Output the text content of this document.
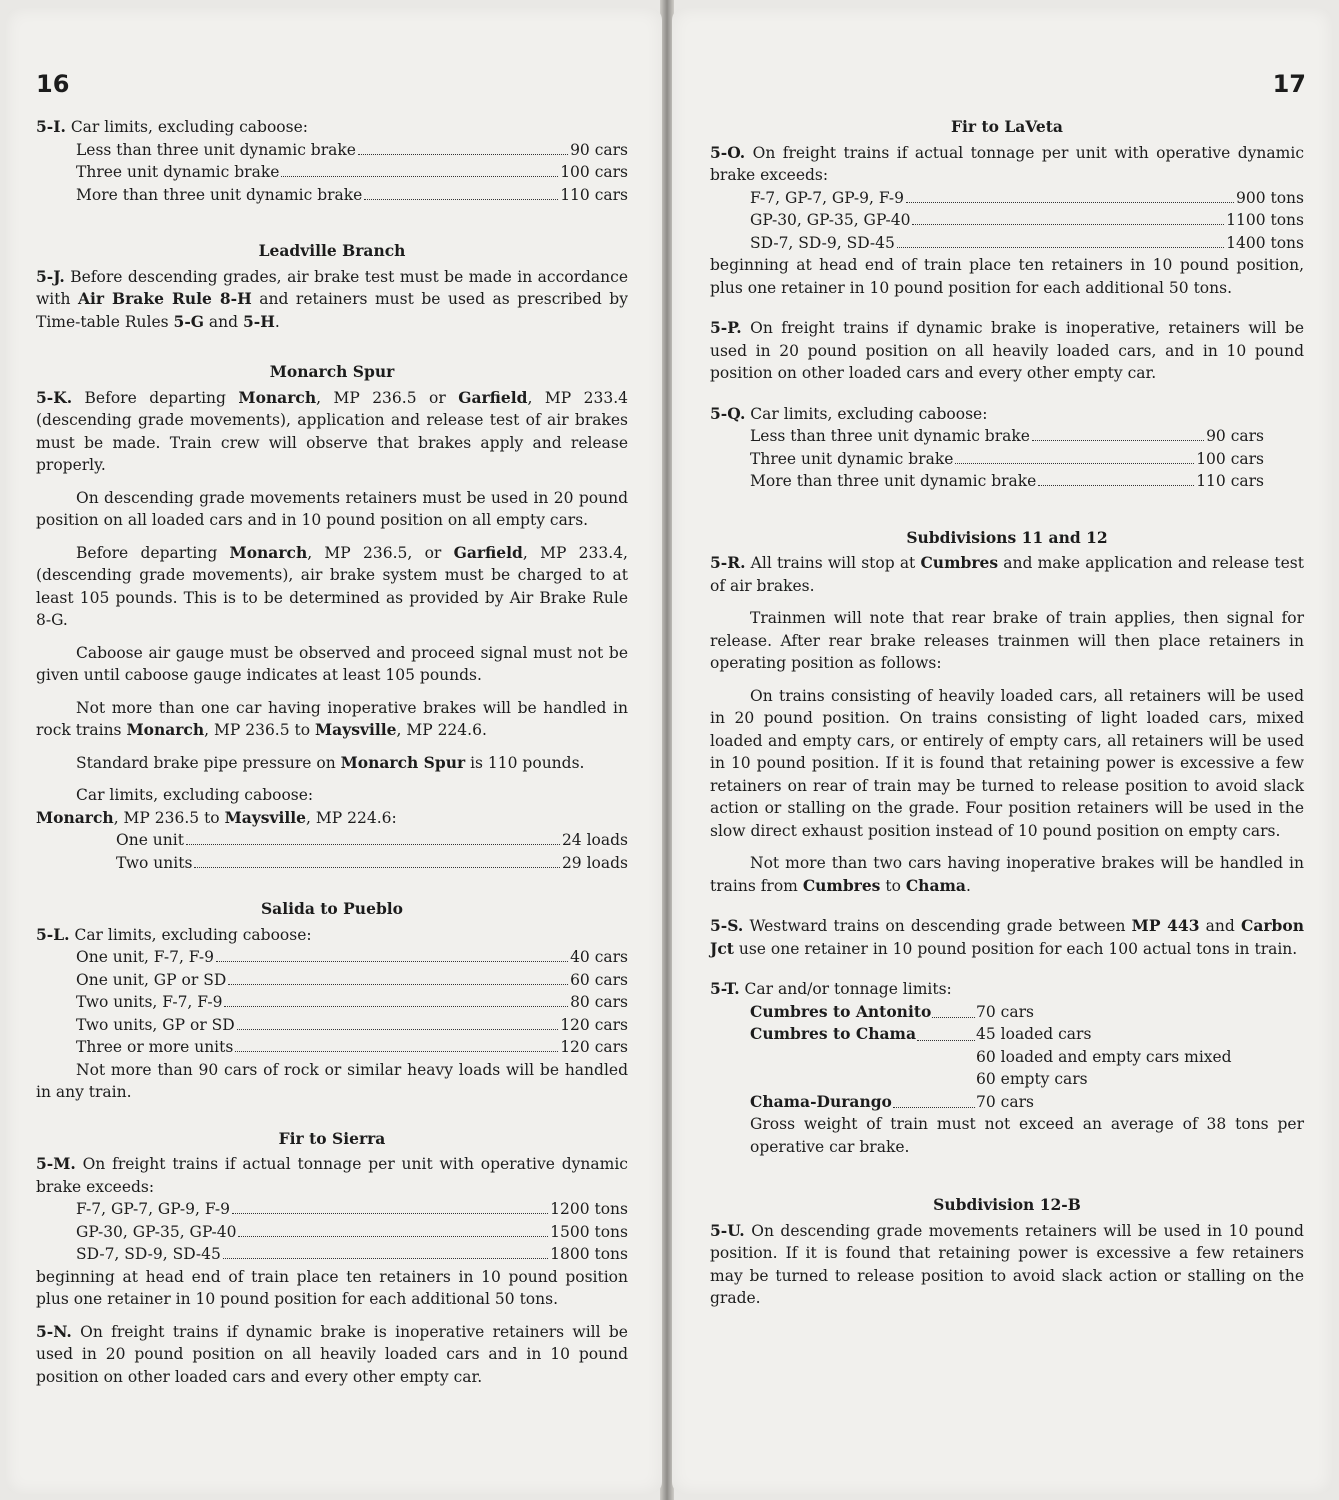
16
5-I. Car limits, excluding caboose:
Less than three unit dynamic brake	90 cars
Three unit dynamic brake	100 cars
More than three unit dynamic brake	110 cars
Leadville Branch
5-J. Before descending grades, air brake test must be made in accordance with Air Brake Rule 8-H and retainers must be used as prescribed by Time-table Rules 5-G and 5-H.
Monarch Spur
5-K. Before departing Monarch, MP 236.5 or Garfield, MP 233.4 (descending grade movements), application and release test of air brakes must be made. Train crew will observe that brakes apply and release properly.
On descending grade movements retainers must be used in 20 pound position on all loaded cars and in 10 pound position on all empty cars.
Before departing Monarch, MP 236.5, or Garfield, MP 233.4, (descending grade movements), air brake system must be charged to at least 105 pounds. This is to be determined as provided by Air Brake Rule 8-G.
Caboose air gauge must be observed and proceed signal must not be given until caboose gauge indicates at least 105 pounds.
Not more than one car having inoperative brakes will be handled in rock trains Monarch, MP 236.5 to Maysville, MP 224.6.
Standard brake pipe pressure on Monarch Spur is 110 pounds.
Car limits, excluding caboose:
Monarch, MP 236.5 to Maysville, MP 224.6:
One unit	24 loads
Two units	29 loads
Salida to Pueblo
5-L. Car limits, excluding caboose:
One unit, F-7, F-9	40 cars
One unit, GP or SD	60 cars
Two units, F-7, F-9	80 cars
Two units, GP or SD	120 cars
Three or more units	120 cars
Not more than 90 cars of rock or similar heavy loads will be handled in any train.
Fir to Sierra
5-M. On freight trains if actual tonnage per unit with operative dynamic brake exceeds:
F-7, GP-7, GP-9, F-9	1200 tons
GP-30, GP-35, GP-40	1500 tons
SD-7, SD-9, SD-45	1800 tons
beginning at head end of train place ten retainers in 10 pound position plus one retainer in 10 pound position for each additional 50 tons.
5-N. On freight trains if dynamic brake is inoperative retainers will be used in 20 pound position on all heavily loaded cars and in 10 pound position on other loaded cars and every other empty car.
17
Fir to LaVeta
5-O. On freight trains if actual tonnage per unit with operative dynamic brake exceeds:
F-7, GP-7, GP-9, F-9	900 tons
GP-30, GP-35, GP-40	1100 tons
SD-7, SD-9, SD-45	1400 tons
beginning at head end of train place ten retainers in 10 pound position, plus one retainer in 10 pound position for each additional 50 tons.
5-P. On freight trains if dynamic brake is inoperative, retainers will be used in 20 pound position on all heavily loaded cars, and in 10 pound position on other loaded cars and every other empty car.
5-Q. Car limits, excluding caboose:
Less than three unit dynamic brake	90 cars
Three unit dynamic brake	100 cars
More than three unit dynamic brake	110 cars
Subdivisions 11 and 12
5-R. All trains will stop at Cumbres and make application and release test of air brakes.
Trainmen will note that rear brake of train applies, then signal for release. After rear brake releases trainmen will then place retainers in operating position as follows:
On trains consisting of heavily loaded cars, all retainers will be used in 20 pound position. On trains consisting of light loaded cars, mixed loaded and empty cars, or entirely of empty cars, all retainers will be used in 10 pound position. If it is found that retaining power is excessive a few retainers on rear of train may be turned to release position to avoid slack action or stalling on the grade. Four position retainers will be used in the slow direct exhaust position instead of 10 pound position on empty cars.
Not more than two cars having inoperative brakes will be handled in trains from Cumbres to Chama.
5-S. Westward trains on descending grade between MP 443 and Carbon Jct use one retainer in 10 pound position for each 100 actual tons in train.
5-T. Car and/or tonnage limits:
Cumbres to Antonito	70 cars
Cumbres to Chama	45 loaded cars
60 loaded and empty cars mixed
60 empty cars
Chama-Durango	70 cars
Gross weight of train must not exceed an average of 38 tons per operative car brake.
Subdivision 12-B
5-U. On descending grade movements retainers will be used in 10 pound position. If it is found that retaining power is excessive a few retainers may be turned to release position to avoid slack action or stalling on the grade.
